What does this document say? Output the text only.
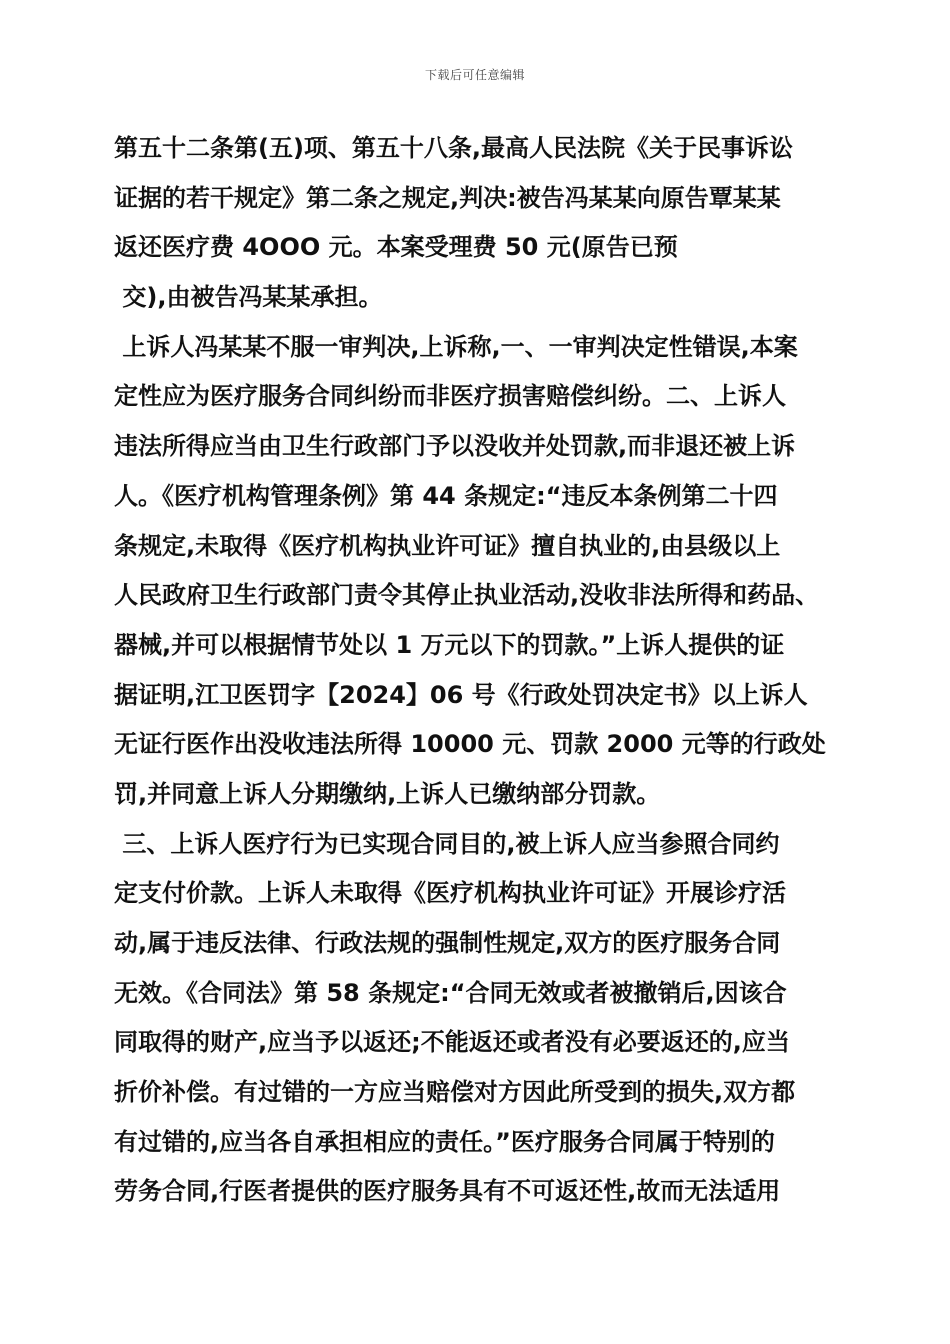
下载后可任意编辑
第五十二条第(五)项、第五十八条,最高人民法院《关于民事诉讼
证据的若干规定》第二条之规定,判决:被告冯某某向原告覃某某
返还医疗费 4OOO 元。本案受理费 50 元(原告已预
交),由被告冯某某承担。
上诉人冯某某不服一审判决,上诉称,一、一审判决定性错误,本案
定性应为医疗服务合同纠纷而非医疗损害赔偿纠纷。二、上诉人
违法所得应当由卫生行政部门予以没收并处罚款,而非退还被上诉
人。《医疗机构管理条例》第 44 条规定:“违反本条例第二十四
条规定,未取得《医疗机构执业许可证》擅自执业的,由县级以上
人民政府卫生行政部门责令其停止执业活动,没收非法所得和药品、
器械,并可以根据情节处以 1 万元以下的罚款。”上诉人提供的证
据证明,江卫医罚字【2024】06 号《行政处罚决定书》以上诉人
无证行医作出没收违法所得 10000 元、罚款 2000 元等的行政处
罚,并同意上诉人分期缴纳,上诉人已缴纳部分罚款。
三、上诉人医疗行为已实现合同目的,被上诉人应当参照合同约
定支付价款。上诉人未取得《医疗机构执业许可证》开展诊疗活
动,属于违反法律、行政法规的强制性规定,双方的医疗服务合同
无效。《合同法》第 58 条规定:“合同无效或者被撤销后,因该合
同取得的财产,应当予以返还;不能返还或者没有必要返还的,应当
折价补偿。有过错的一方应当赔偿对方因此所受到的损失,双方都
有过错的,应当各自承担相应的责任。”医疗服务合同属于特别的
劳务合同,行医者提供的医疗服务具有不可返还性,故而无法适用
